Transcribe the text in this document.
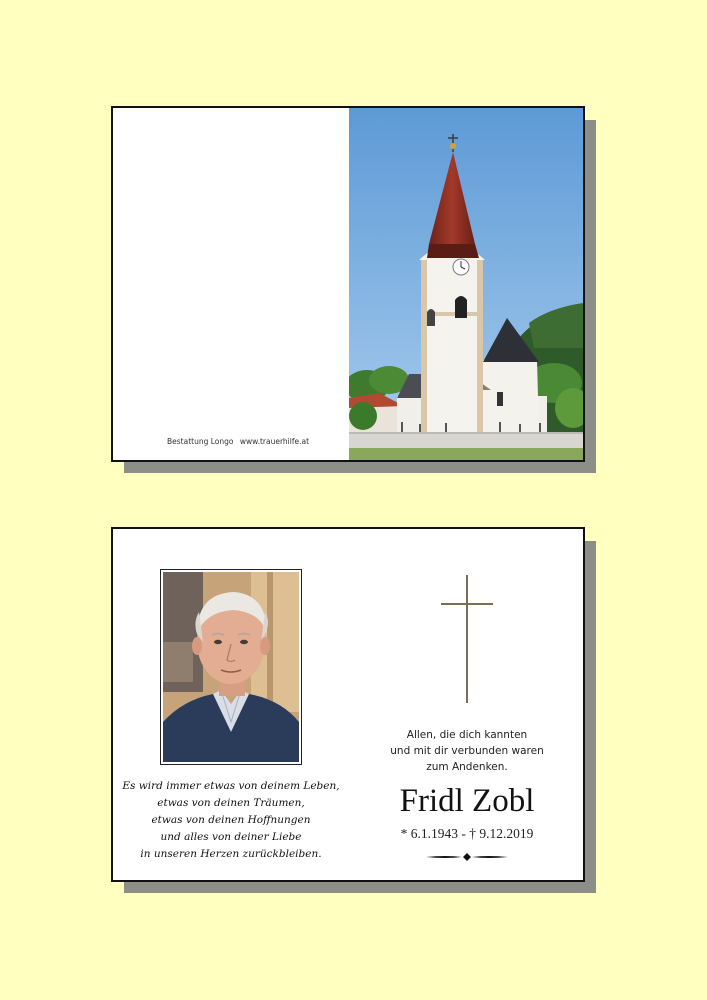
Bestattung Longo www.trauerhilfe.at
Es wird immer etwas von deinem Leben,
etwas von deinen Träumen,
etwas von deinen Hoffnungen
und alles von deiner Liebe
in unseren Herzen zurückbleiben.
Allen, die dich kannten
und mit dir verbunden waren
zum Andenken.
Fridl Zobl
* 6.1.1943 - † 9.12.2019
